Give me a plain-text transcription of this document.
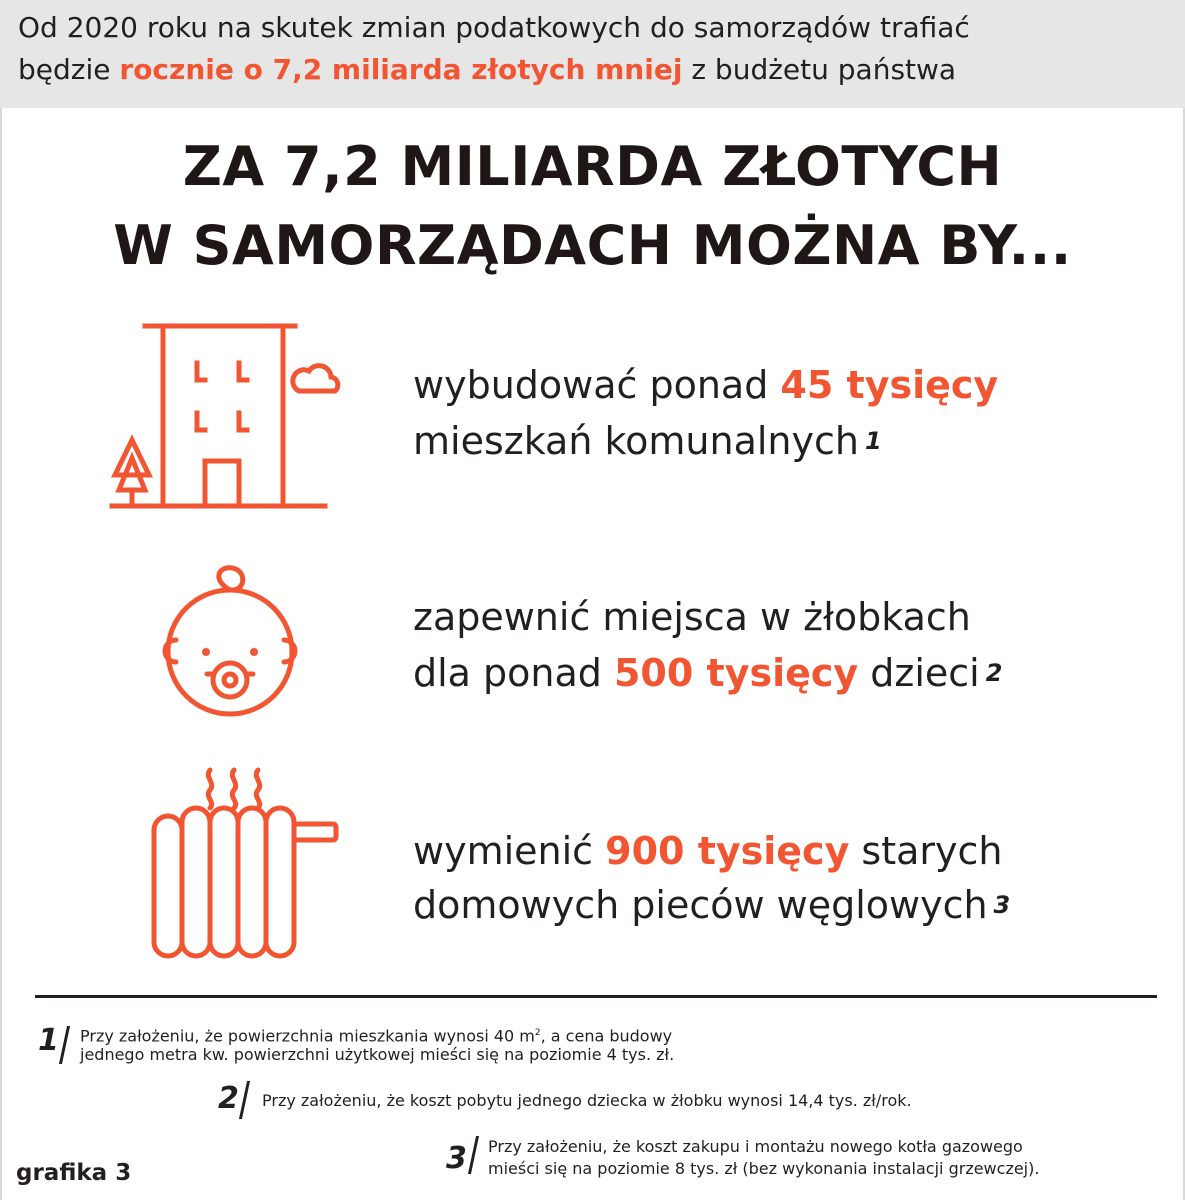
Od 2020 roku na skutek zmian podatkowych do samorządów trafiać
będzie rocznie o 7,2 miliarda złotych mniej z budżetu państwa
ZA 7,2 MILIARDA ZŁOTYCH
W SAMORZĄDACH MOŻNA BY...
wybudować ponad 45 tysięcy
mieszkań komunalnych $^1$
zapewnić miejsca w żłobkach
dla ponad 500 tysięcy dzieci $^2$
wymienić 900 tysięcy starych
domowych pieców węglowych $^3$
1 Przy założeniu, że powierzchnia mieszkania wynosi 40 $m^2$, a cena budowy
jednego metra kw. powierzchni użytkowej mieści się na poziomie 4 tys. zł.
2 Przy założeniu, że koszt pobytu jednego dziecka w żłobku wynosi 14,4 tys. zł/rok.
3 Przy założeniu, że koszt zakupu i montażu nowego kotła gazowego
mieści się na poziomie 8 tys. zł (bez wykonania instalacji grzewczej).
grafika 3
